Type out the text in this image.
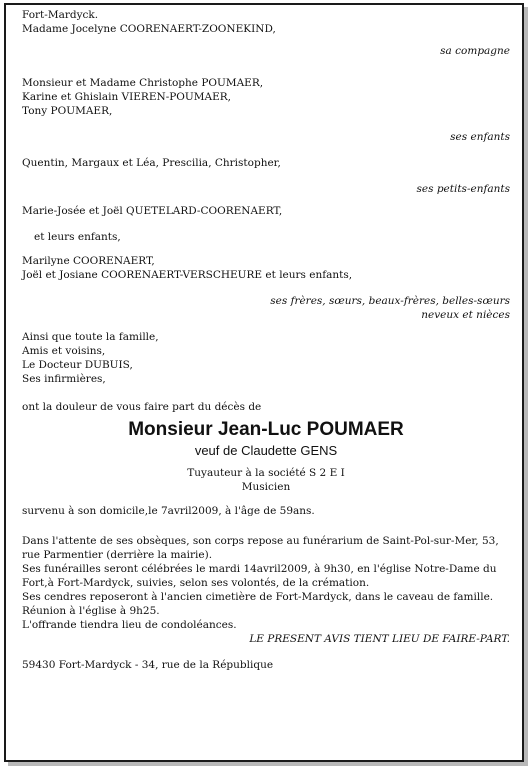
Fort-Mardyck.
Madame Jocelyne COORENAERT-ZOONEKIND,
sa compagne
Monsieur et Madame Christophe POUMAER,
Karine et Ghislain VIEREN-POUMAER,
Tony POUMAER,
ses enfants
Quentin, Margaux et Léa, Prescilia, Christopher,
ses petits-enfants
Marie-Josée et Joël QUETELARD-COORENAERT,
et leurs enfants,
Marilyne COORENAERT,
Joël et Josiane COORENAERT-VERSCHEURE et leurs enfants,
ses frères, sœurs, beaux-frères, belles-sœurs
neveux et nièces
Ainsi que toute la famille,
Amis et voisins,
Le Docteur DUBUIS,
Ses infirmières,
ont la douleur de vous faire part du décès de
Monsieur Jean-Luc POUMAER
veuf de Claudette GENS
Tuyauteur à la société S 2 E I
Musicien
survenu à son domicile,le 7avril2009, à l'âge de 59ans.
Dans l'attente de ses obsèques, son corps repose au funérarium de Saint-Pol-sur-Mer, 53,
rue Parmentier (derrière la mairie).
Ses funérailles seront célébrées le mardi 14avril2009, à 9h30, en l'église Notre-Dame du
Fort,à Fort-Mardyck, suivies, selon ses volontés, de la crémation.
Ses cendres reposeront à l'ancien cimetière de Fort-Mardyck, dans le caveau de famille.
Réunion à l'église à 9h25.
L'offrande tiendra lieu de condoléances.
LE PRESENT AVIS TIENT LIEU DE FAIRE-PART.
59430 Fort-Mardyck - 34, rue de la République
